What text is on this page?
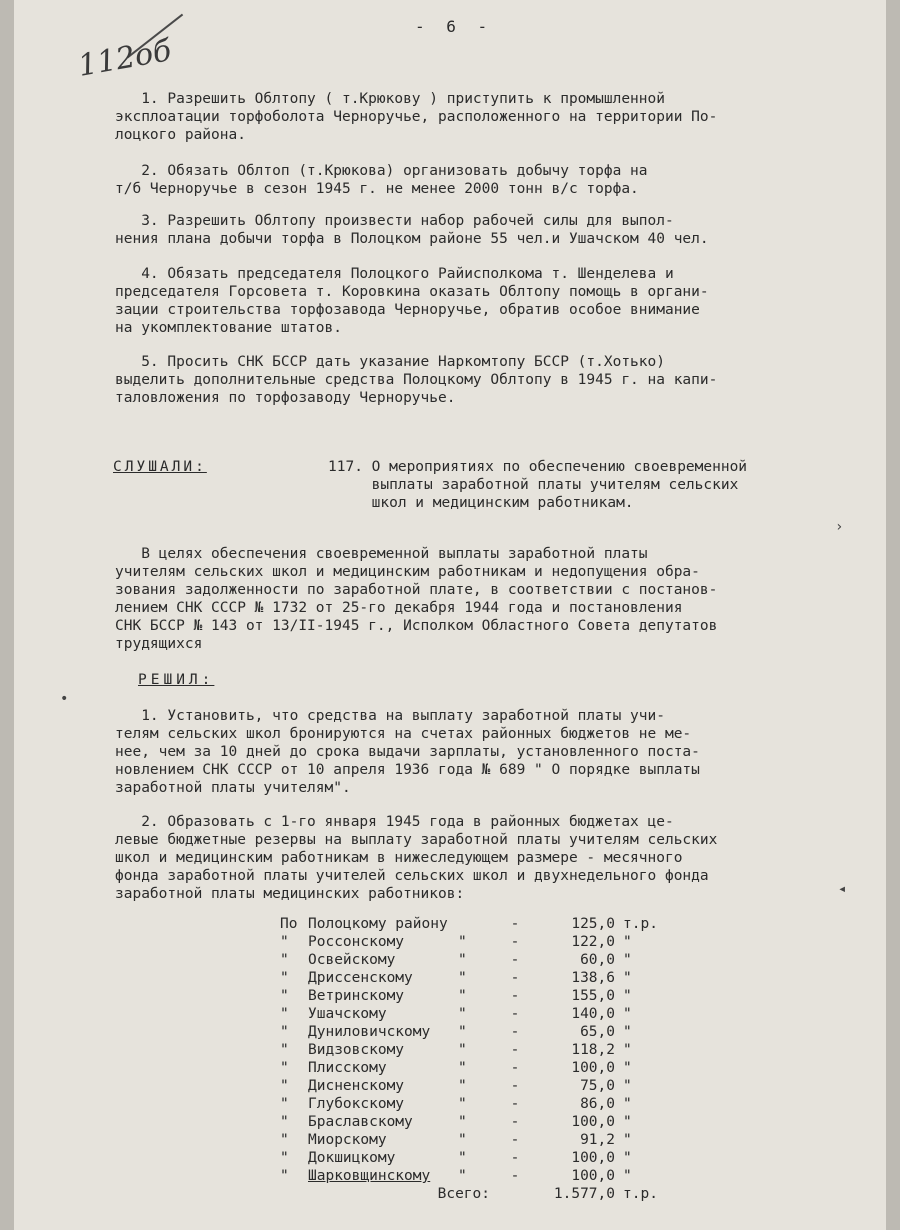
- 6 -
112об
1. Разрешить Облтопу ( т.Крюкову ) приступить к промышленной
эксплоатации торфоболота Черноручье, расположенного на территории По-
лоцкого района.
2. Обязать Облтоп (т.Крюкова) организовать добычу торфа на
т/б Черноручье в сезон 1945 г. не менее 2000 тонн в/с торфа.
3. Разрешить Облтопу произвести набор рабочей силы для выпол-
нения плана добычи торфа в Полоцком районе 55 чел.и Ушачском 40 чел.
4. Обязать председателя Полоцкого Райисполкома т. Шенделева и
председателя Горсовета т. Коровкина оказать Облтопу помощь в органи-
зации строительства торфозавода Черноручье, обратив особое внимание
на укомплектование штатов.
5. Просить СНК БССР дать указание Наркомтопу БССР (т.Хотько)
выделить дополнительные средства Полоцкому Облтопу в 1945 г. на капи-
таловложения по торфозаводу Черноручье.
СЛУШАЛИ:	117. О мероприятиях по обеспечению своевременной
выплаты заработной платы учителям сельских
школ и медицинским работникам.
В целях обеспечения своевременной выплаты заработной платы
учителям сельских школ и медицинским работникам и недопущения обра-
зования задолженности по заработной плате, в соответствии с постанов-
лением СНК СССР № 1732 от 25-го декабря 1944 года и постановления
СНК БССР № 143 от 13/II-1945 г., Исполком Областного Совета депутатов
трудящихся
РЕШИЛ:
1. Установить, что средства на выплату заработной платы учи-
телям сельских школ бронируются на счетах районных бюджетов не ме-
нее, чем за 10 дней до срока выдачи зарплаты, установленного поста-
новлением СНК СССР от 10 апреля 1936 года № 689 " О порядке выплаты
заработной платы учителям".
2. Образовать с 1-го января 1945 года в районных бюджетах це-
левые бюджетные резервы на выплату заработной платы учителям сельских
школ и медицинским работникам в нижеследующем размере - месячного
фонда заработной платы учителей сельских школ и двухнедельного фонда
заработной платы медицинских работников:
По	Полоцкому району	-	125,0	т.р.
"	Россонскому "	-	122,0	"
"	Освейскому "	-	60,0	"
"	Дриссенскому "	-	138,6	"
"	Ветринскому "	-	155,0	"
"	Ушачскому "	-	140,0	"
"	Дуниловичскому "	-	65,0	"
"	Видзовскому "	-	118,2	"
"	Плисскому "	-	100,0	"
"	Дисненскому "	-	75,0	"
"	Глубокскому "	-	86,0	"
"	Браславскому "	-	100,0	"
"	Миорскому "	-	91,2	"
"	Докшицкому "	-	100,0	"
"	Шарковщинскому "	-	100,0	"
	Всего:		1.577,0	т.р.
•
›
◂
